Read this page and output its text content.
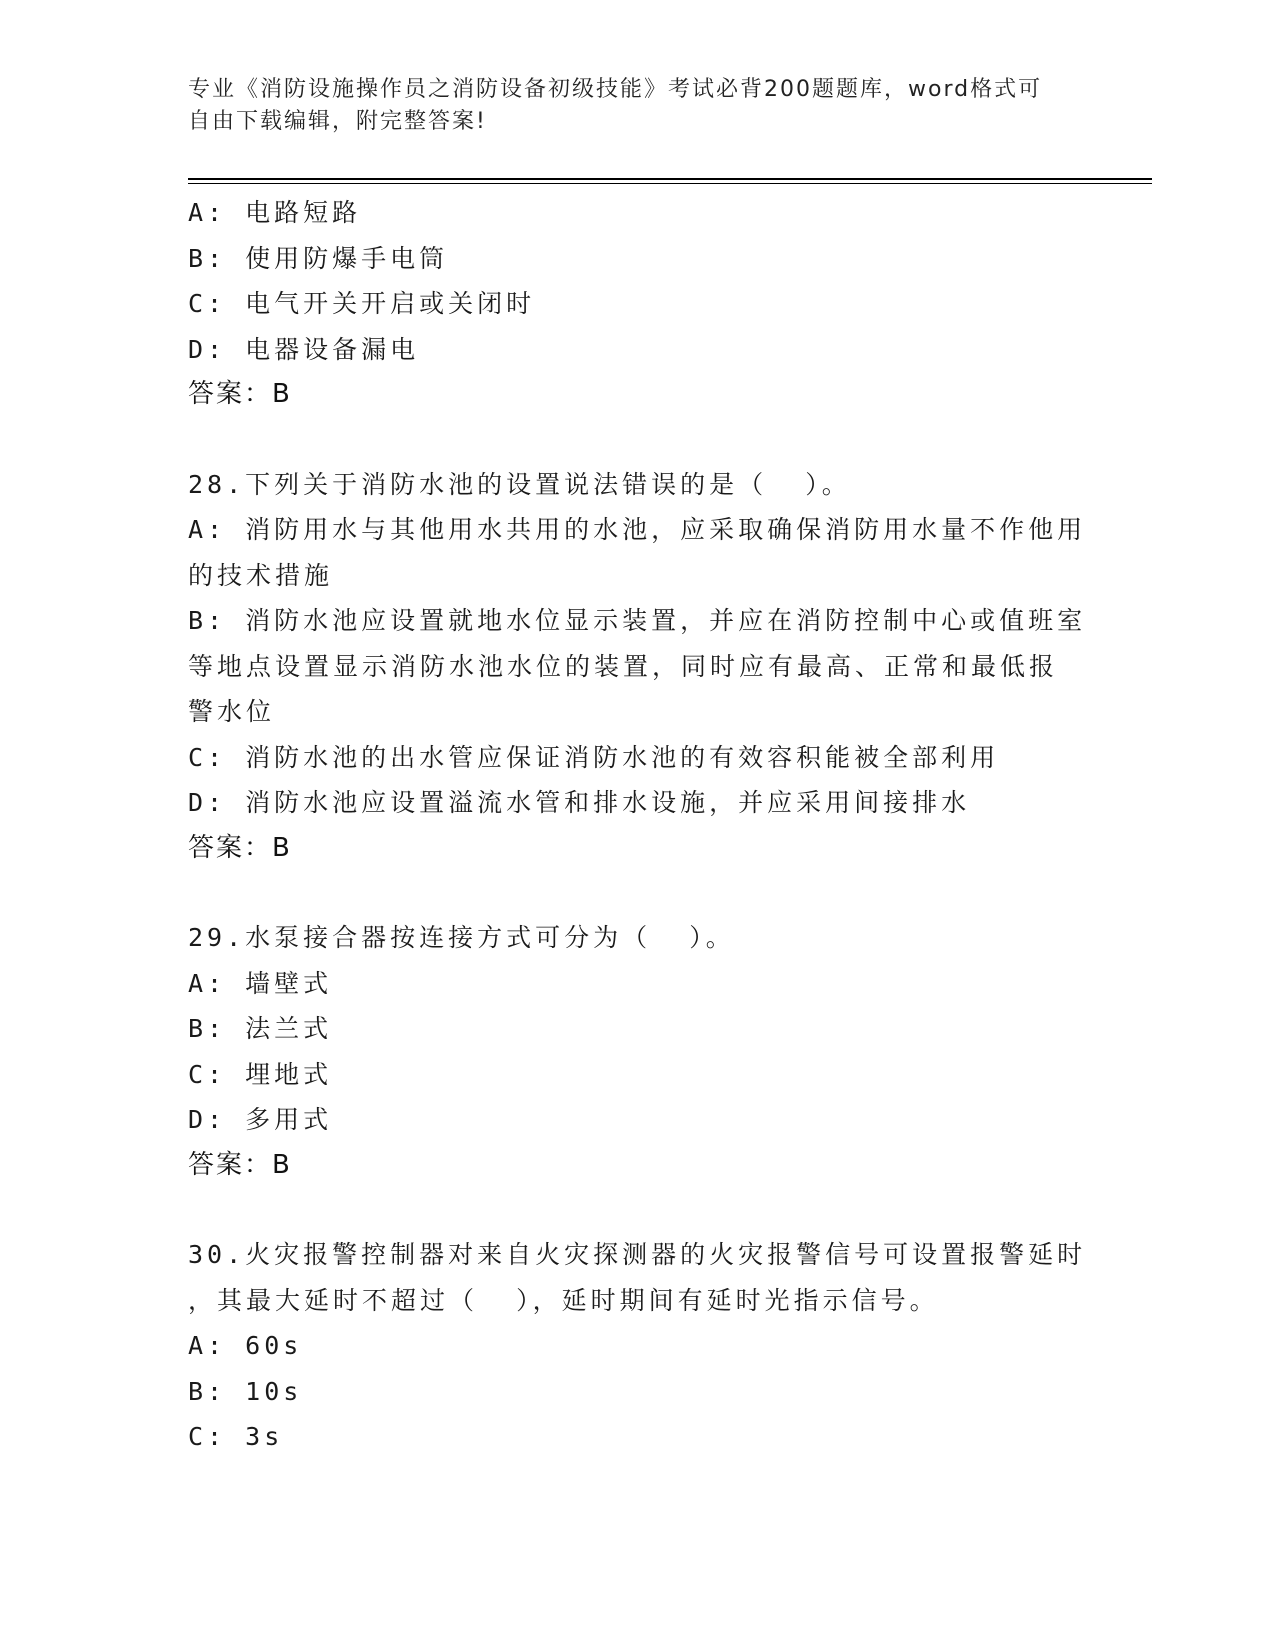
专业《消防设施操作员之消防设备初级技能》考试必背200题题库，word格式可
自由下载编辑，附完整答案!
A: 电路短路
B: 使用防爆手电筒
C: 电气开关开启或关闭时
D: 电器设备漏电
答案：B
28.下列关于消防水池的设置说法错误的是（  ）。
A: 消防用水与其他用水共用的水池，应采取确保消防用水量不作他用
的技术措施
B: 消防水池应设置就地水位显示装置，并应在消防控制中心或值班室
等地点设置显示消防水池水位的装置，同时应有最高、正常和最低报
警水位
C: 消防水池的出水管应保证消防水池的有效容积能被全部利用
D: 消防水池应设置溢流水管和排水设施，并应采用间接排水
答案：B
29.水泵接合器按连接方式可分为（  ）。
A: 墙壁式
B: 法兰式
C: 埋地式
D: 多用式
答案：B
30.火灾报警控制器对来自火灾探测器的火灾报警信号可设置报警延时
，其最大延时不超过（  ），延时期间有延时光指示信号。
A: 60s
B: 10s
C: 3s
